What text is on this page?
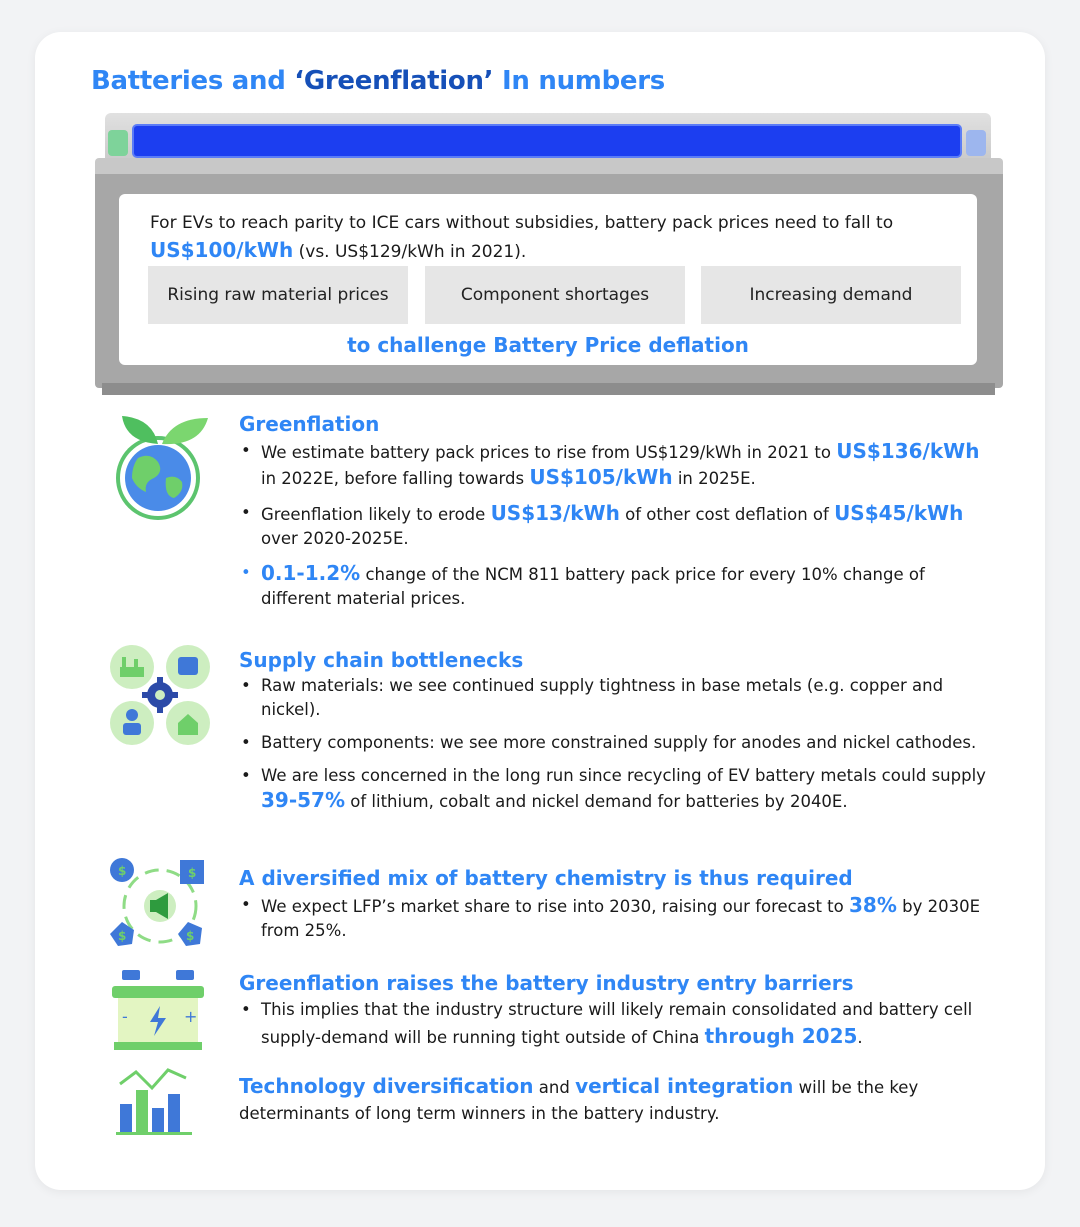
Batteries and ‘Greenflation’ In numbers
For EVs to reach parity to ICE cars without subsidies, battery pack prices need to fall to
US$100/kWh (vs. US$129/kWh in 2021).
Rising raw material prices	Component shortages	Increasing demand
to challenge Battery Price deflation
Greenflation
• We estimate battery pack prices to rise from US$129/kWh in 2021 to US$136/kWh in 2022E, before falling towards US$105/kWh in 2025E.
• Greenflation likely to erode US$13/kWh of other cost deflation of US$45/kWh over 2020-2025E.
• 0.1-1.2% change of the NCM 811 battery pack price for every 10% change of different material prices.
Supply chain bottlenecks
• Raw materials: we see continued supply tightness in base metals (e.g. copper and nickel).
• Battery components: we see more constrained supply for anodes and nickel cathodes.
• We are less concerned in the long run since recycling of EV battery metals could supply 39-57% of lithium, cobalt and nickel demand for batteries by 2040E.
$	$
$	$
A diversified mix of battery chemistry is thus required
• We expect LFP’s market share to rise into 2030, raising our forecast to 38% by 2030E from 25%.
-	+
Greenflation raises the battery industry entry barriers
• This implies that the industry structure will likely remain consolidated and battery cell supply-demand will be running tight outside of China through 2025.

Technology diversification and vertical integration will be the key determinants of long term winners in the battery industry.
